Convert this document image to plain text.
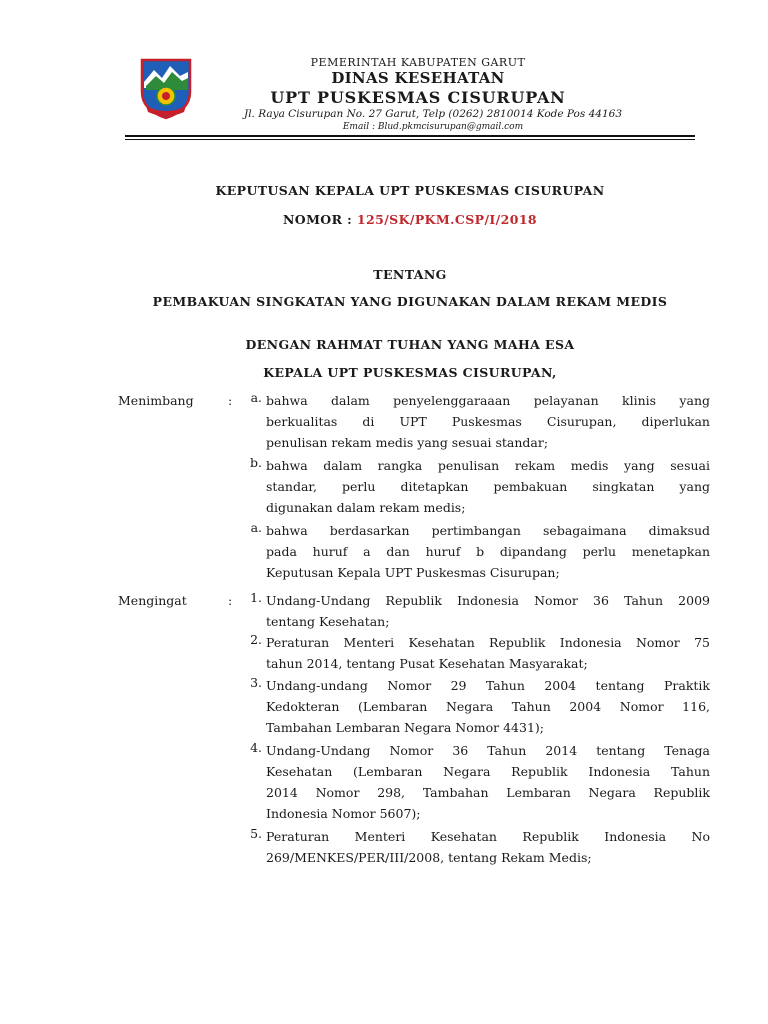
PEMERINTAH KABUPATEN GARUT
DINAS KESEHATAN
UPT PUSKESMAS CISURUPAN
Jl. Raya Cisurupan No. 27 Garut, Telp (0262) 2810014 Kode Pos 44163
Email : Blud.pkmcisurupan@gmail.com
KEPUTUSAN KEPALA UPT PUSKESMAS CISURUPAN
NOMOR : 125/SK/PKM.CSP/I/2018
TENTANG
PEMBAKUAN SINGKATAN YANG DIGUNAKAN DALAM REKAM MEDIS
DENGAN RAHMAT TUHAN YANG MAHA ESA
KEPALA UPT PUSKESMAS CISURUPAN,
Menimbang	:	a. bahwa dalam penyelenggaraaan pelayanan klinis yang
berkualitas di UPT Puskesmas Cisurupan, diperlukan
penulisan rekam medis yang sesuai standar;
b. bahwa dalam rangka penulisan rekam medis yang sesuai
standar, perlu ditetapkan pembakuan singkatan yang
digunakan dalam rekam medis;
a. bahwa berdasarkan pertimbangan sebagaimana dimaksud
pada huruf a dan huruf b dipandang perlu menetapkan
Keputusan Kepala UPT Puskesmas Cisurupan;
Mengingat	:	1. Undang-Undang Republik Indonesia Nomor 36 Tahun 2009
tentang Kesehatan;
2. Peraturan Menteri Kesehatan Republik Indonesia Nomor 75
tahun 2014, tentang Pusat Kesehatan Masyarakat;
3. Undang-undang Nomor 29 Tahun 2004 tentang Praktik
Kedokteran (Lembaran Negara Tahun 2004 Nomor 116,
Tambahan Lembaran Negara Nomor 4431);
4. Undang-Undang Nomor 36 Tahun 2014 tentang Tenaga
Kesehatan (Lembaran Negara Republik Indonesia Tahun
2014 Nomor 298, Tambahan Lembaran Negara Republik
Indonesia Nomor 5607);
5. Peraturan Menteri Kesehatan Republik Indonesia No
269/MENKES/PER/III/2008, tentang Rekam Medis;
